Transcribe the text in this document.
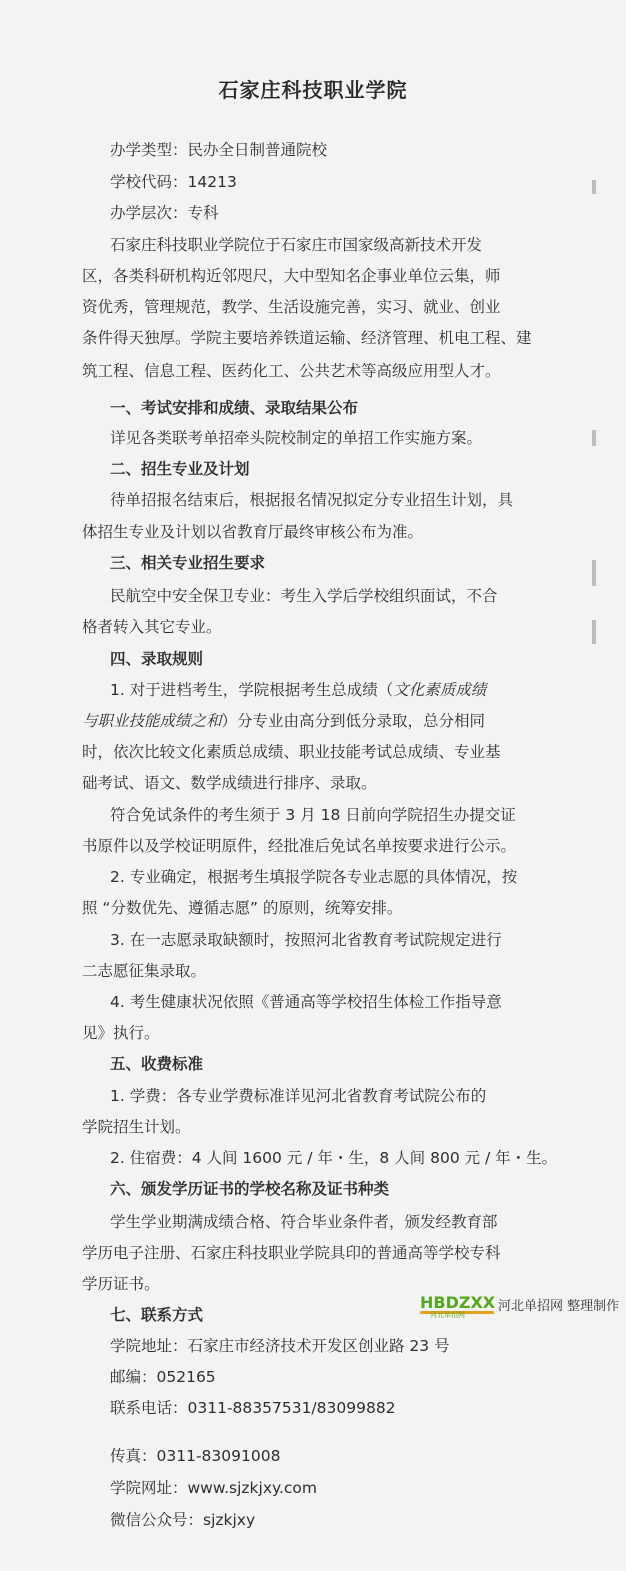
石家庄科技职业学院
办学类型：民办全日制普通院校
学校代码：14213
办学层次：专科
石家庄科技职业学院位于石家庄市国家级高新技术开发
区，各类科研机构近邻咫尺，大中型知名企事业单位云集，师
资优秀，管理规范，教学、生活设施完善，实习、就业、创业
条件得天独厚。学院主要培养铁道运输、经济管理、机电工程、建
筑工程、信息工程、医药化工、公共艺术等高级应用型人才。
一、考试安排和成绩、录取结果公布
详见各类联考单招牵头院校制定的单招工作实施方案。
二、招生专业及计划
待单招报名结束后，根据报名情况拟定分专业招生计划，具
体招生专业及计划以省教育厅最终审核公布为准。
三、相关专业招生要求
民航空中安全保卫专业：考生入学后学校组织面试，不合
格者转入其它专业。
四、录取规则
1. 对于进档考生，学院根据考生总成绩（文化素质成绩
与职业技能成绩之和）分专业由高分到低分录取，总分相同
时，依次比较文化素质总成绩、职业技能考试总成绩、专业基
础考试、语文、数学成绩进行排序、录取。
符合免试条件的考生须于 3 月 18 日前向学院招生办提交证
书原件以及学校证明原件，经批准后免试名单按要求进行公示。
2. 专业确定，根据考生填报学院各专业志愿的具体情况，按
照 “分数优先、遵循志愿” 的原则，统筹安排。
3. 在一志愿录取缺额时，按照河北省教育考试院规定进行
二志愿征集录取。
4. 考生健康状况依照《普通高等学校招生体检工作指导意
见》执行。
五、收费标准
1. 学费：各专业学费标准详见河北省教育考试院公布的
学院招生计划。
2. 住宿费：4 人间 1600 元 / 年・生，8 人间 800 元 / 年・生。
六、颁发学历证书的学校名称及证书种类
学生学业期满成绩合格、符合毕业条件者，颁发经教育部
学历电子注册、石家庄科技职业学院具印的普通高等学校专科
学历证书。
七、联系方式
学院地址：石家庄市经济技术开发区创业路 23 号
邮编：052165
联系电话：0311-88357531/83099882
传真：0311-83091008
学院网址：www.sjzkjxy.com
微信公众号：sjzkjxy
HBDZXX
河北单招网
河北单招网 整理制作
